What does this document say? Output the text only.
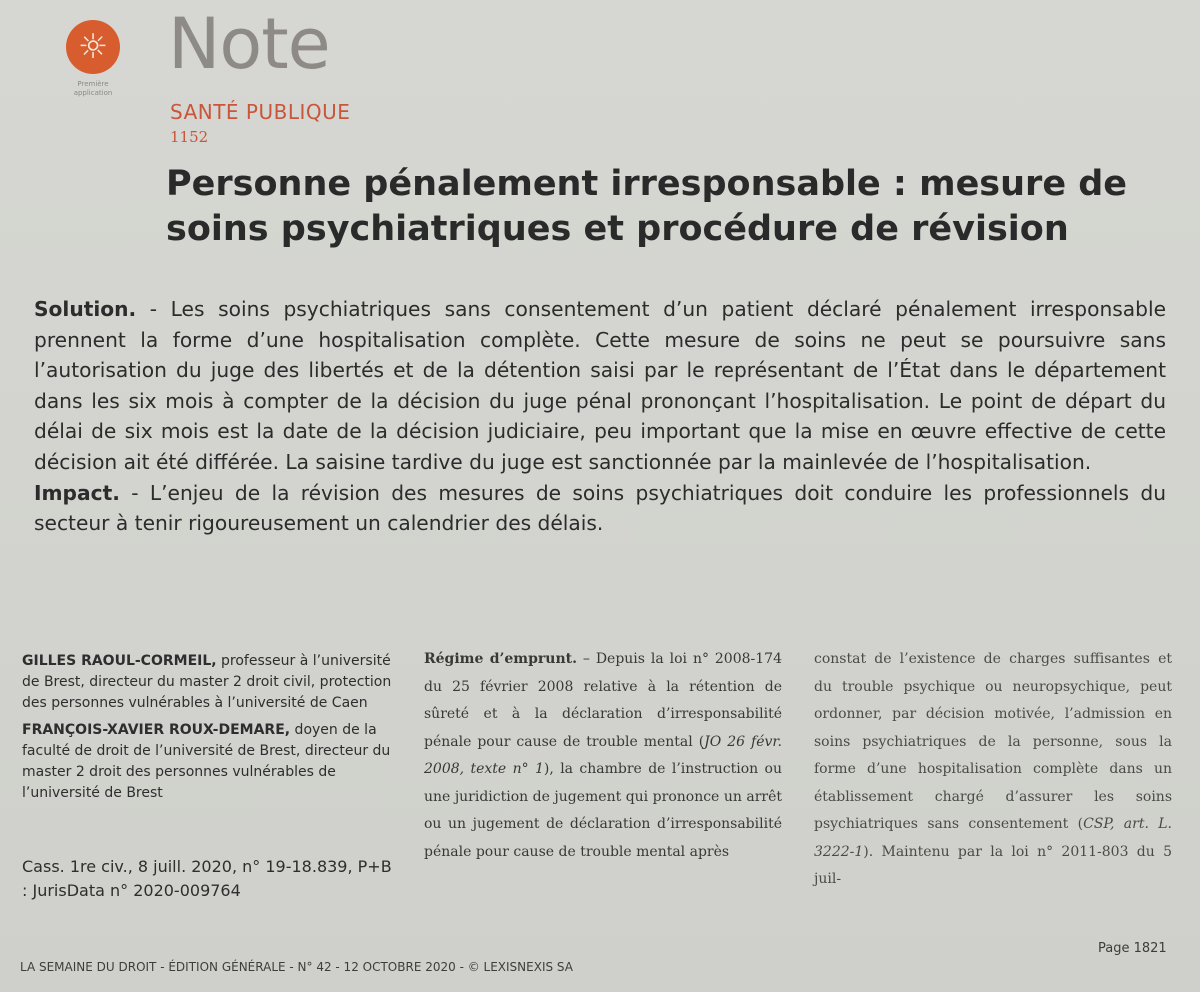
☼
Première application
Note
SANTÉ PUBLIQUE
1152
Personne pénalement irresponsable : mesure de soins psychiatriques et procédure de révision

Solution. - Les soins psychiatriques sans consentement d’un patient déclaré pénalement irresponsable prennent la forme d’une hospitalisation complète. Cette mesure de soins ne peut se poursuivre sans l’autorisation du juge des libertés et de la détention saisi par le représentant de l’État dans le département dans les six mois à compter de la décision du juge pénal prononçant l’hospitalisation. Le point de départ du délai de six mois est la date de la décision judiciaire, peu important que la mise en œuvre effective de cette décision ait été différée. La saisine tardive du juge est sanctionnée par la mainlevée de l’hospitalisation.

Impact. - L’enjeu de la révision des mesures de soins psychiatriques doit conduire les professionnels du secteur à tenir rigoureusement un calendrier des délais.

GILLES RAOUL-CORMEIL, professeur à l’université de Brest, directeur du master 2 droit civil, protection des personnes vulnérables à l’université de Caen

FRANÇOIS-XAVIER ROUX-DEMARE, doyen de la faculté de droit de l’université de Brest, directeur du master 2 droit des personnes vulnérables de l’université de Brest

Cass. 1re civ., 8 juill. 2020, n° 19-18.839, P+B : JurisData n° 2020-009764
Régime d’emprunt. – Depuis la loi n° 2008-174 du 25 février 2008 relative à la rétention de sûreté et à la déclaration d’irresponsabilité pénale pour cause de trouble mental (JO 26 févr. 2008, texte n° 1), la chambre de l’instruction ou une juridiction de jugement qui prononce un arrêt ou un jugement de déclaration d’irresponsabilité pénale pour cause de trouble mental après
constat de l’existence de charges suffisantes et du trouble psychique ou neuropsychique, peut ordonner, par décision motivée, l’admission en soins psychiatriques de la personne, sous la forme d’une hospitalisation complète dans un établissement chargé d’assurer les soins psychiatriques sans consentement (CSP, art. L. 3222-1). Maintenu par la loi n° 2011-803 du 5 juil-
LA SEMAINE DU DROIT - ÉDITION GÉNÉRALE - N° 42 - 12 OCTOBRE 2020 - © LEXISNEXIS SA
Page 1821
